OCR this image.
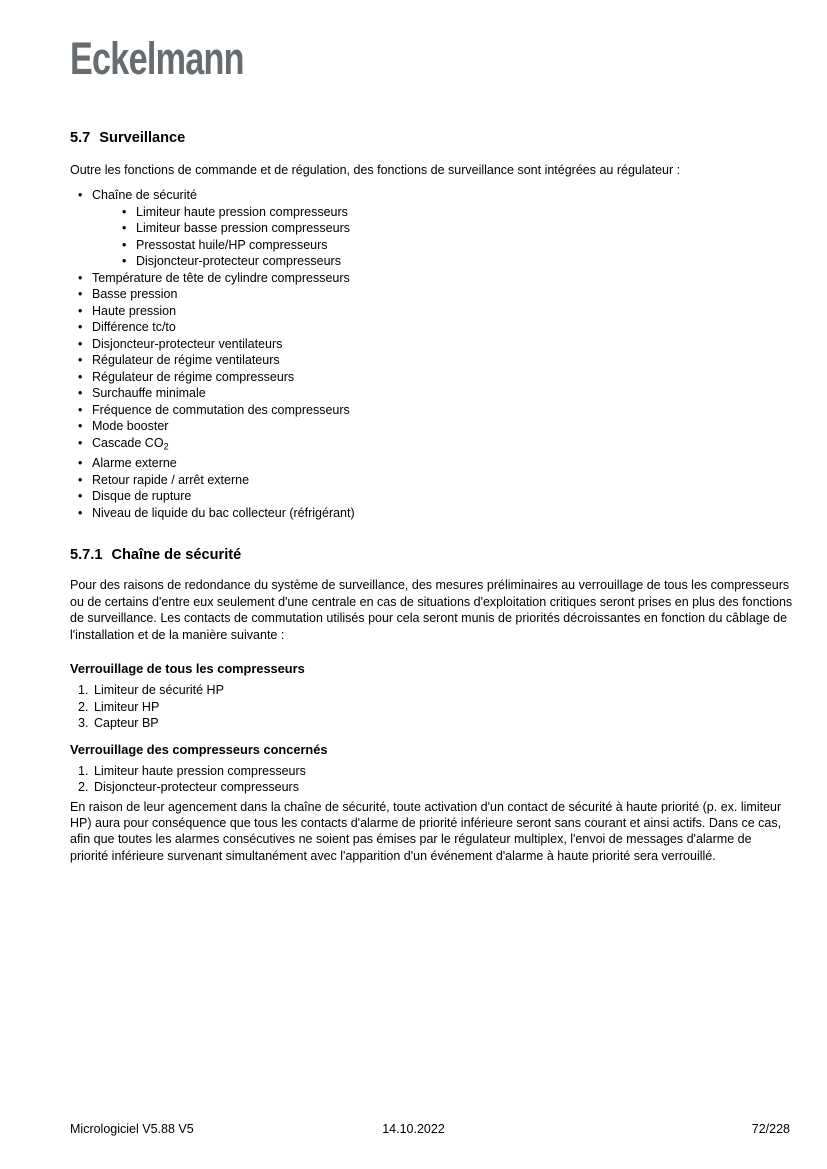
Eckelmann
5.7 Surveillance

Outre les fonctions de commande et de régulation, des fonctions de surveillance sont intégrées au régulateur :

• Chaîne de sécurité
• Limiteur haute pression compresseurs
• Limiteur basse pression compresseurs
• Pressostat huile/HP compresseurs
• Disjoncteur-protecteur compresseurs
• Température de tête de cylindre compresseurs
• Basse pression
• Haute pression
• Différence tc/to
• Disjoncteur-protecteur ventilateurs
• Régulateur de régime ventilateurs
• Régulateur de régime compresseurs
• Surchauffe minimale
• Fréquence de commutation des compresseurs
• Mode booster
• Cascade $CO_2$
• Alarme externe
• Retour rapide / arrêt externe
• Disque de rupture
• Niveau de liquide du bac collecteur (réfrigérant)
5.7.1 Chaîne de sécurité

Pour des raisons de redondance du système de surveillance, des mesures préliminaires au verrouillage de tous les compresseurs ou de certains d'entre eux seulement d'une centrale en cas de situations d'exploitation critiques seront prises en plus des fonctions de surveillance. Les contacts de commutation utilisés pour cela seront munis de priorités décroissantes en fonction du câblage de l'installation et de la manière suivante :

Verrouillage de tous les compresseurs
Limiteur de sécurité HP
Limiteur HP
Capteur BP
Verrouillage des compresseurs concernés
Limiteur haute pression compresseurs
Disjoncteur-protecteur compresseurs

En raison de leur agencement dans la chaîne de sécurité, toute activation d'un contact de sécurité à haute priorité (p. ex. limiteur HP) aura pour conséquence que tous les contacts d'alarme de priorité inférieure seront sans courant et ainsi actifs. Dans ce cas, afin que toutes les alarmes consécutives ne soient pas émises par le régulateur multiplex, l'envoi de messages d'alarme de priorité inférieure survenant simultanément avec l'apparition d'un événement d'alarme à haute priorité sera verrouillé.

Micrologiciel V5.88 V5	14.10.2022	72/228
